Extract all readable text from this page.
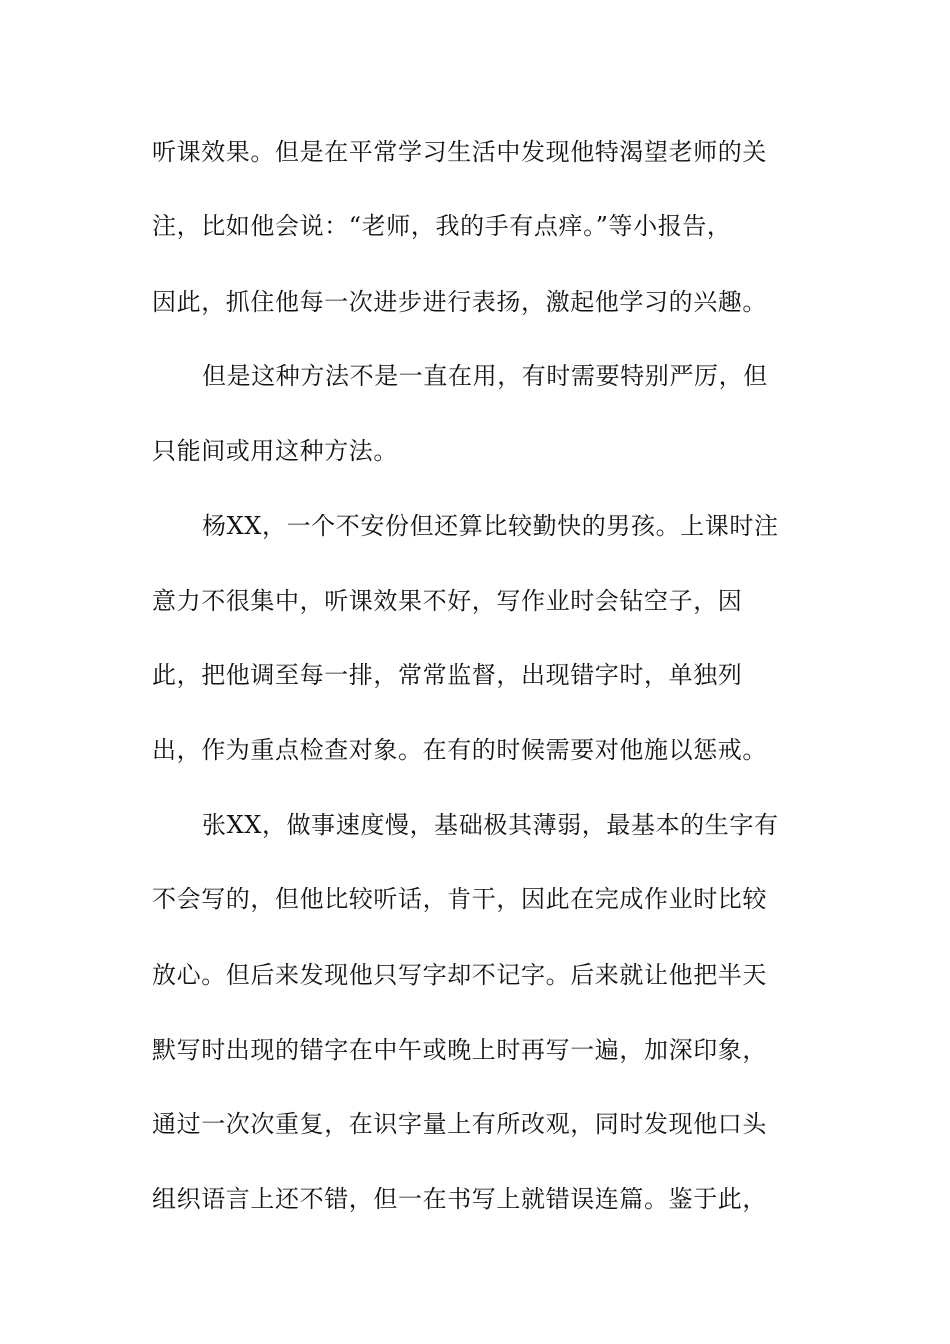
听课效果。但是在平常学习生活中发现他特渴望老师的关
注，比如他会说：“老师，我的手有点痒。”等小报告，
因此，抓住他每一次进步进行表扬，激起他学习的兴趣。
但是这种方法不是一直在用，有时需要特别严厉，但
只能间或用这种方法。
杨XX，一个不安份但还算比较勤快的男孩。上课时注
意力不很集中，听课效果不好，写作业时会钻空子，因
此，把他调至每一排，常常监督，出现错字时，单独列
出，作为重点检查对象。在有的时候需要对他施以惩戒。
张XX，做事速度慢，基础极其薄弱，最基本的生字有
不会写的，但他比较听话，肯干，因此在完成作业时比较
放心。但后来发现他只写字却不记字。后来就让他把半天
默写时出现的错字在中午或晚上时再写一遍，加深印象，
通过一次次重复，在识字量上有所改观，同时发现他口头
组织语言上还不错，但一在书写上就错误连篇。鉴于此，
